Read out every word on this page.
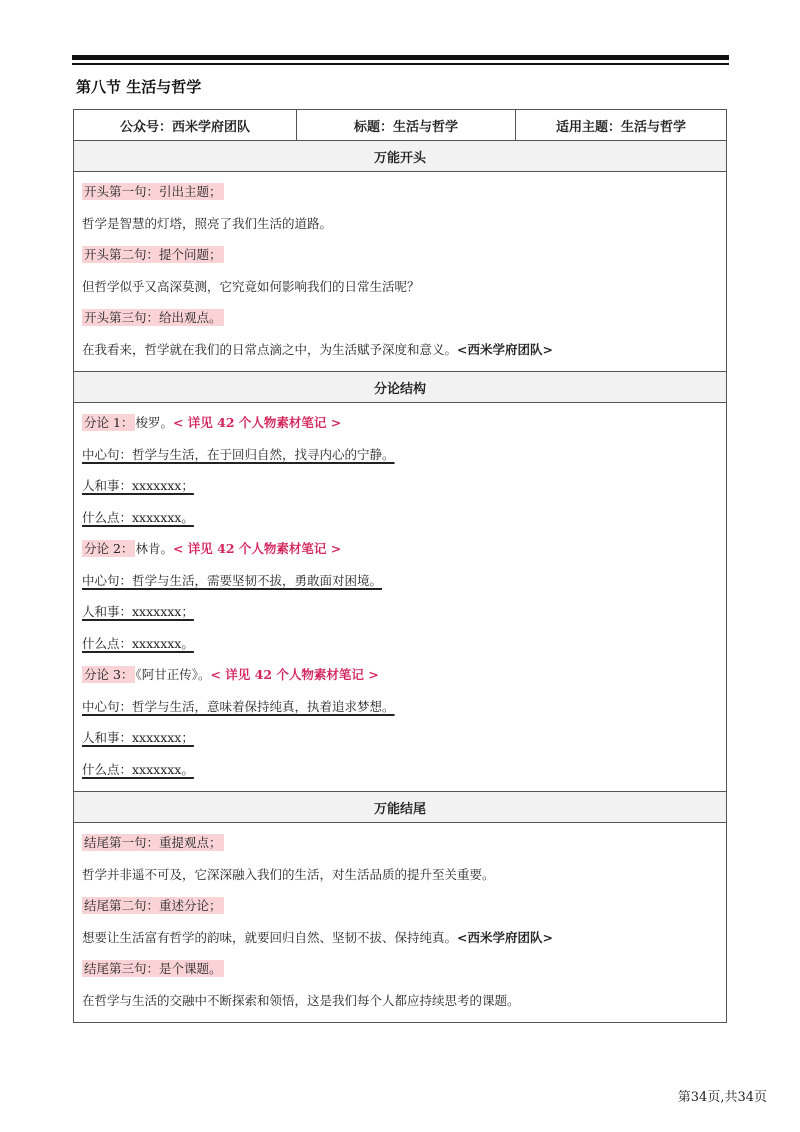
第八节 生活与哲学
公众号：西米学府团队	标题：生活与哲学	适用主题：生活与哲学
万能开头

开头第一句：引出主题；
哲学是智慧的灯塔，照亮了我们生活的道路。
开头第二句：提个问题；
但哲学似乎又高深莫测，它究竟如何影响我们的日常生活呢？
开头第三句：给出观点。
在我看来，哲学就在我们的日常点滴之中，为生活赋予深度和意义。<西米学府团队>

分论结构

分论 1： 梭罗。< 详见 42 个人物素材笔记 >
中心句：哲学与生活，在于回归自然，找寻内心的宁静。
人和事：xxxxxxx；
什么点：xxxxxxx。
分论 2： 林肯。< 详见 42 个人物素材笔记 >
中心句：哲学与生活，需要坚韧不拔，勇敢面对困境。
人和事：xxxxxxx；
什么点：xxxxxxx。
分论 3： 《阿甘正传》。< 详见 42 个人物素材笔记 >
中心句：哲学与生活，意味着保持纯真，执着追求梦想。
人和事：xxxxxxx；
什么点：xxxxxxx。

万能结尾

结尾第一句：重提观点；
哲学并非遥不可及，它深深融入我们的生活，对生活品质的提升至关重要。
结尾第二句：重述分论；
想要让生活富有哲学的韵味，就要回归自然、坚韧不拔、保持纯真。<西米学府团队>
结尾第三句：是个课题。
在哲学与生活的交融中不断探索和领悟，这是我们每个人都应持续思考的课题。
第34页,共34页
